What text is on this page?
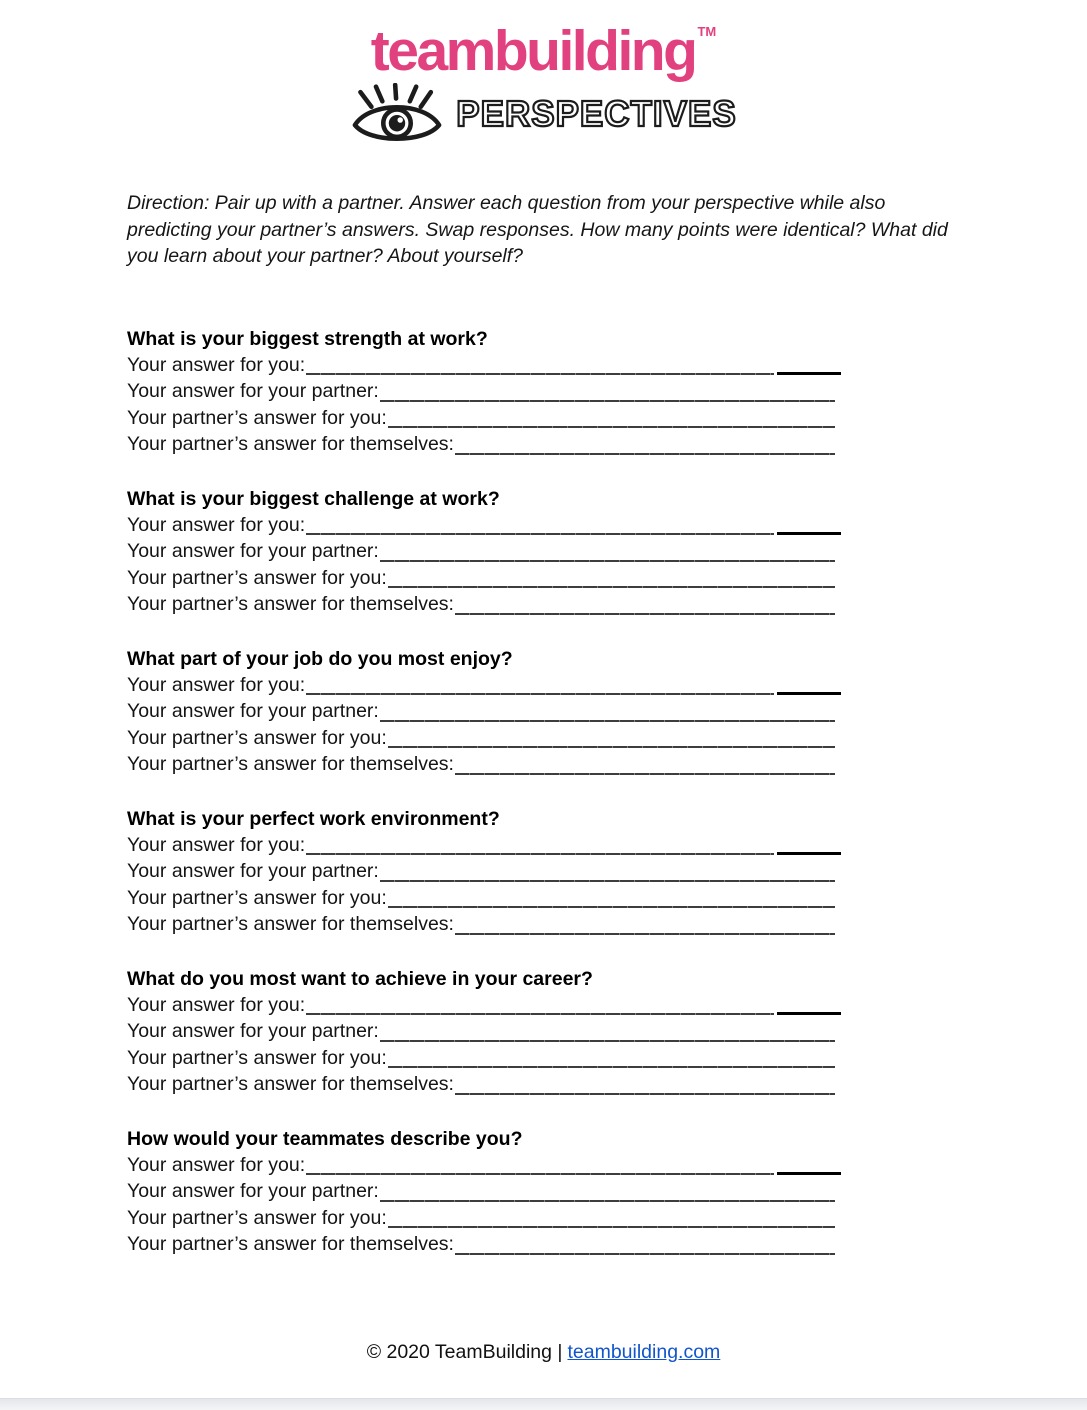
teambuilding ™
PERSPECTIVES
Direction: Pair up with a partner. Answer each question from your perspective while also
predicting your partner’s answers. Swap responses. How many points were identical? What did
you learn about your partner? About yourself?

What is your biggest strength at work?

Your answer for you:
Your answer for your partner:
Your partner’s answer for you:
Your partner’s answer for themselves:

What is your biggest challenge at work?

Your answer for you:
Your answer for your partner:
Your partner’s answer for you:
Your partner’s answer for themselves:

What part of your job do you most enjoy?

Your answer for you:
Your answer for your partner:
Your partner’s answer for you:
Your partner’s answer for themselves:

What is your perfect work environment?

Your answer for you:
Your answer for your partner:
Your partner’s answer for you:
Your partner’s answer for themselves:

What do you most want to achieve in your career?

Your answer for you:
Your answer for your partner:
Your partner’s answer for you:
Your partner’s answer for themselves:

How would your teammates describe you?

Your answer for you:
Your answer for your partner:
Your partner’s answer for you:
Your partner’s answer for themselves:
© 2020 TeamBuilding | teambuilding.com
